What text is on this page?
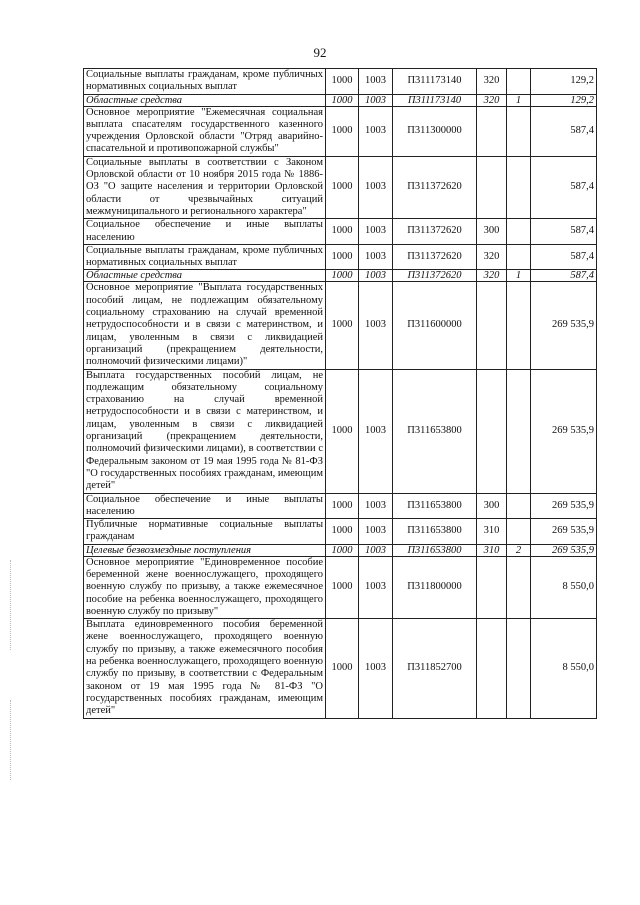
92
Социальные выплаты гражданам, кроме публичных нормативных социальных выплат	1000	1003	П311173140	320		129,2
Областные средства	1000	1003	П311173140	320	1	129,2
Основное мероприятие "Ежемесячная социальная выплата спасателям государственного казенного учреждения Орловской области "Отряд аварийно-спасательной и противопожарной службы"	1000	1003	П311300000			587,4
Социальные выплаты в соответствии с Законом Орловской области от 10 ноября 2015 года № 1886-ОЗ "О защите населения и территории Орловской области от чрезвычайных ситуаций межмуниципального и регионального характера"	1000	1003	П311372620			587,4
Социальное обеспечение и иные выплаты населению	1000	1003	П311372620	300		587,4
Социальные выплаты гражданам, кроме публичных нормативных социальных выплат	1000	1003	П311372620	320		587,4
Областные средства	1000	1003	П311372620	320	1	587,4
Основное мероприятие "Выплата государственных пособий лицам, не подлежащим обязательному социальному страхованию на случай временной нетрудоспособности и в связи с материнством, и лицам, уволенным в связи с ликвидацией организаций (прекращением деятельности, полномочий физическими лицами)"	1000	1003	П311600000			269 535,9
Выплата государственных пособий лицам, не подлежащим обязательному социальному страхованию на случай временной нетрудоспособности и в связи с материнством, и лицам, уволенным в связи с ликвидацией организаций (прекращением деятельности, полномочий физическими лицами), в соответствии с Федеральным законом от 19 мая 1995 года № 81-ФЗ "О государственных пособиях гражданам, имеющим детей"	1000	1003	П311653800			269 535,9
Социальное обеспечение и иные выплаты населению	1000	1003	П311653800	300		269 535,9
Публичные нормативные социальные выплаты гражданам	1000	1003	П311653800	310		269 535,9
Целевые безвозмездные поступления	1000	1003	П311653800	310	2	269 535,9
Основное мероприятие "Единовременное пособие беременной жене военнослужащего, проходящего военную службу по призыву, а также ежемесячное пособие на ребенка военнослужащего, проходящего военную службу по призыву"	1000	1003	П311800000			8 550,0
Выплата единовременного пособия беременной жене военнослужащего, проходящего военную службу по призыву, а также ежемесячного пособия на ребенка военнослужащего, проходящего военную службу по призыву, в соответствии с Федеральным законом от 19 мая 1995 года № 81-ФЗ "О государственных пособиях гражданам, имеющим детей"	1000	1003	П311852700			8 550,0
